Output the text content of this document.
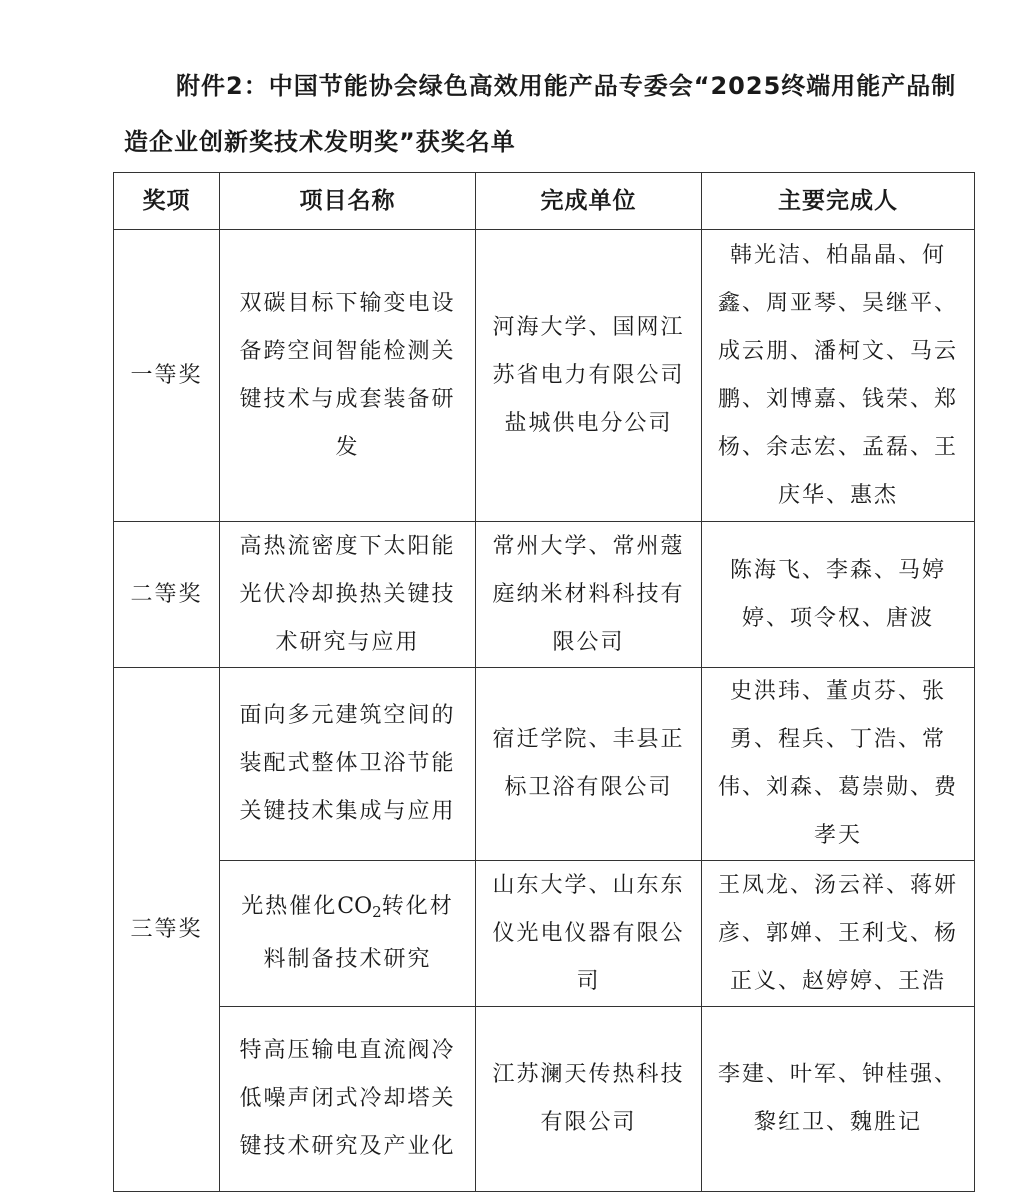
附件2：中国节能协会绿色高效用能产品专委会“2025终端用能产品制
造企业创新奖技术发明奖”获奖名单
奖项	项目名称	完成单位	主要完成人
一等奖	双碳目标下输变电设备跨空间智能检测关键技术与成套装备研发	河海大学、国网江苏省电力有限公司盐城供电分公司	韩光洁、柏晶晶、何鑫、周亚琴、吴继平、成云朋、潘柯文、马云鹏、刘博嘉、钱荣、郑杨、余志宏、孟磊、王庆华、惠杰

二等奖	高热流密度下太阳能光伏冷却换热关键技术研究与应用	常州大学、常州蔻庭纳米材料科技有限公司	陈海飞、李森、马婷婷、项令权、唐波

三等奖	面向多元建筑空间的装配式整体卫浴节能关键技术集成与应用	宿迁学院、丰县正标卫浴有限公司	史洪玮、董贞芬、张勇、程兵、丁浩、常伟、刘森、葛崇勋、费孝天

	光热催化$CO_2$转化材料制备技术研究	山东大学、山东东仪光电仪器有限公司	王凤龙、汤云祥、蒋妍彦、郭婵、王利戈、杨正义、赵婷婷、王浩

	特高压输电直流阀冷低噪声闭式冷却塔关键技术研究及产业化	江苏澜天传热科技有限公司	李建、叶军、钟桂强、黎红卫、魏胜记
